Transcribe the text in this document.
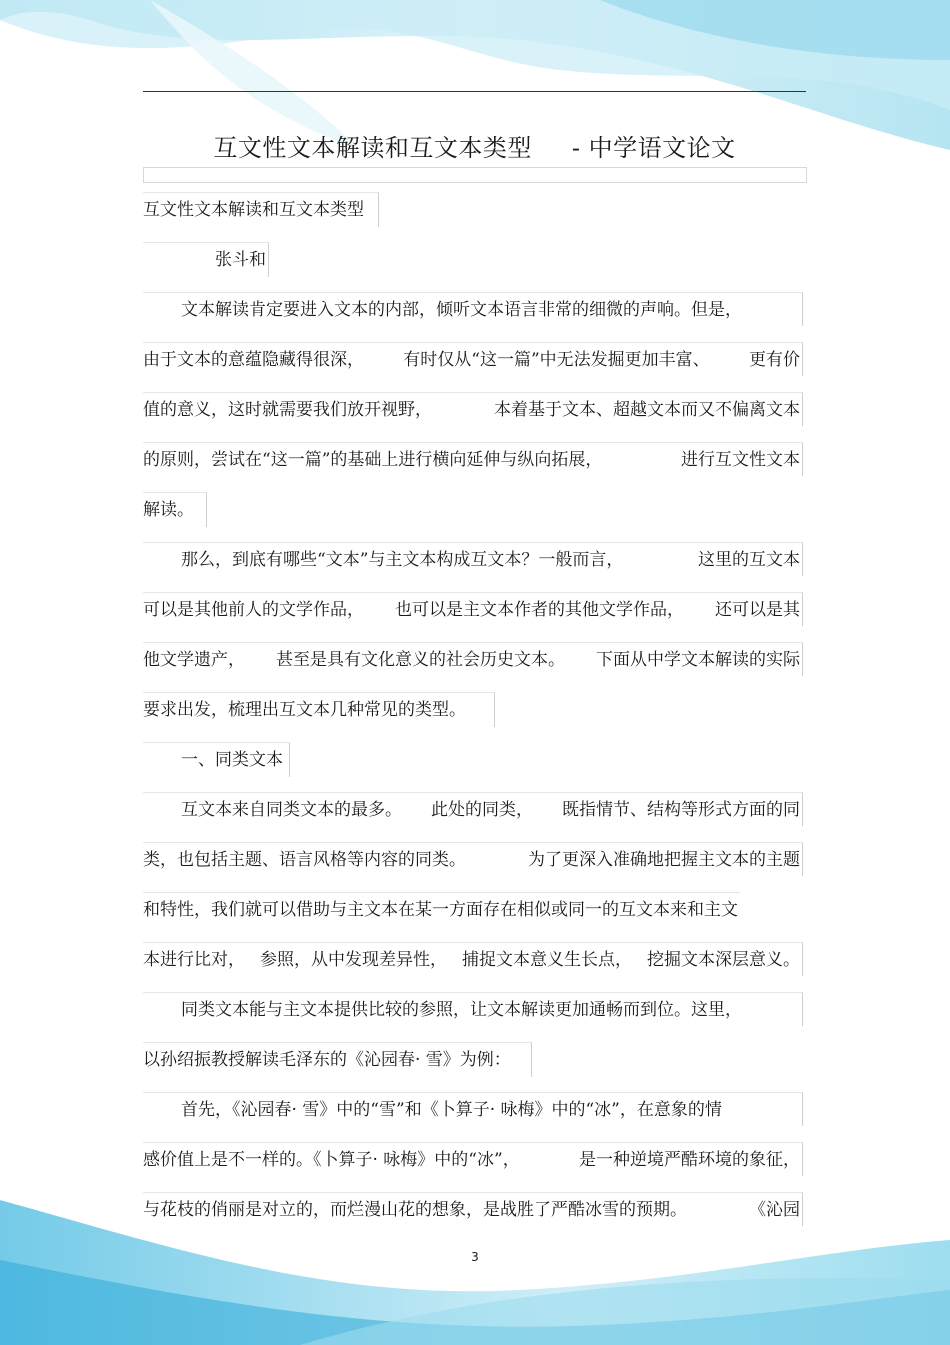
互文性文本解读和互文本类型 - 中学语文论文
互文性文本解读和互文本类型
张斗和
文本解读肯定要进入文本的内部，倾听文本语言非常的细微的声响。但是，
由于文本的意蕴隐藏得很深， 有时仅从“这一篇”中无法发掘更加丰富、 更有价
值的意义，这时就需要我们放开视野，	本着基于文本、超越文本而又不偏离文本
的原则，尝试在“这一篇”的基础上进行横向延伸与纵向拓展，	进行互文性文本
解读。
那么，到底有哪些“文本”与主文本构成互文本？一般而言，	这里的互文本
可以是其他前人的文学作品， 也可以是主文本作者的其他文学作品， 还可以是其
他文学遗产， 甚至是具有文化意义的社会历史文本。 下面从中学文本解读的实际
要求出发，梳理出互文本几种常见的类型。
一、同类文本
互文本来自同类文本的最多。 此处的同类， 既指情节、结构等形式方面的同
类，也包括主题、语言风格等内容的同类。	为了更深入准确地把握主文本的主题
和特性，我们就可以借助与主文本在某一方面存在相似或同一的互文本来和主文
本进行比对， 参照，从中发现差异性， 捕捉文本意义生长点， 挖掘文本深层意义。
同类文本能与主文本提供比较的参照，让文本解读更加通畅而到位。这里，
以孙绍振教授解读毛泽东的《沁园春· 雪》为例：
首先，《沁园春· 雪》中的“雪”和《卜算子· 咏梅》中的“冰”，在意象的情
感价值上是不一样的。《卜算子· 咏梅》中的“冰”，	是一种逆境严酷环境的象征，
与花枝的俏丽是对立的，而烂漫山花的想象，是战胜了严酷冰雪的预期。	《沁园
3
